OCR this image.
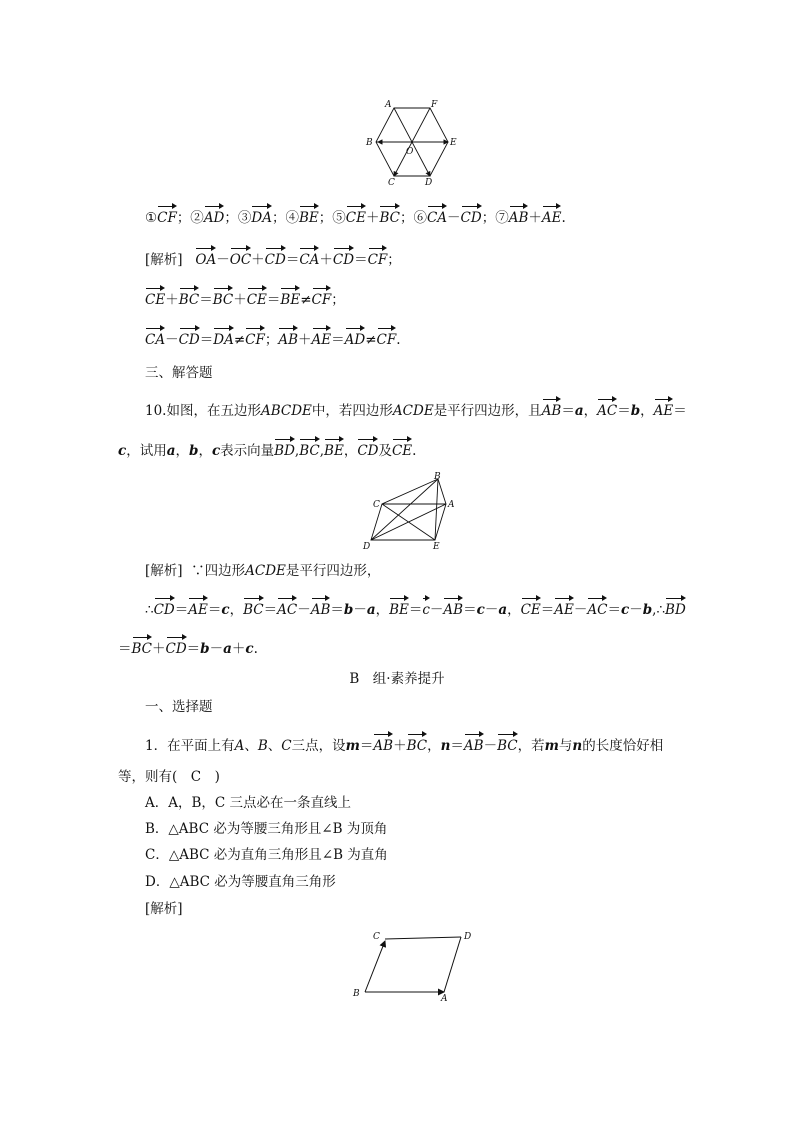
A	F
B	E
O
C	D
①CF；②AD；③DA；④BE；⑤CE＋BC；⑥CA－CD；⑦AB＋AE.
[解析] OA－OC＋CD＝CA＋CD＝CF；
CE＋BC＝BC＋CE＝BE≠CF；
CA－CD＝DA≠CF；AB＋AE＝AD≠CF.
三、解答题
10.如图，在五边形ABCDE中，若四边形ACDE是平行四边形，且AB＝a，AC＝b，AE＝
c，试用a，b，c表示向量BD,BC,BE，CD及CE.
B
C	A
D	E
[解析] ∵四边形ACDE是平行四边形，
∴CD＝AE＝c，BC＝AC－AB＝b－a，BE＝c－AB＝c－a，CE＝AE－AC＝c－b,∴BD
＝BC＋CD＝b－a＋c.
B　组·素养提升
一、选择题
1．在平面上有A、B、C三点，设m＝AB＋BC，n＝AB－BC，若m与n的长度恰好相
等，则有(　C　)
A．A，B，C 三点必在一条直线上
B．△ABC 必为等腰三角形且∠B 为顶角
C．△ABC 必为直角三角形且∠B 为直角
D．△ABC 必为等腰直角三角形
[解析]
C	D
B	A
